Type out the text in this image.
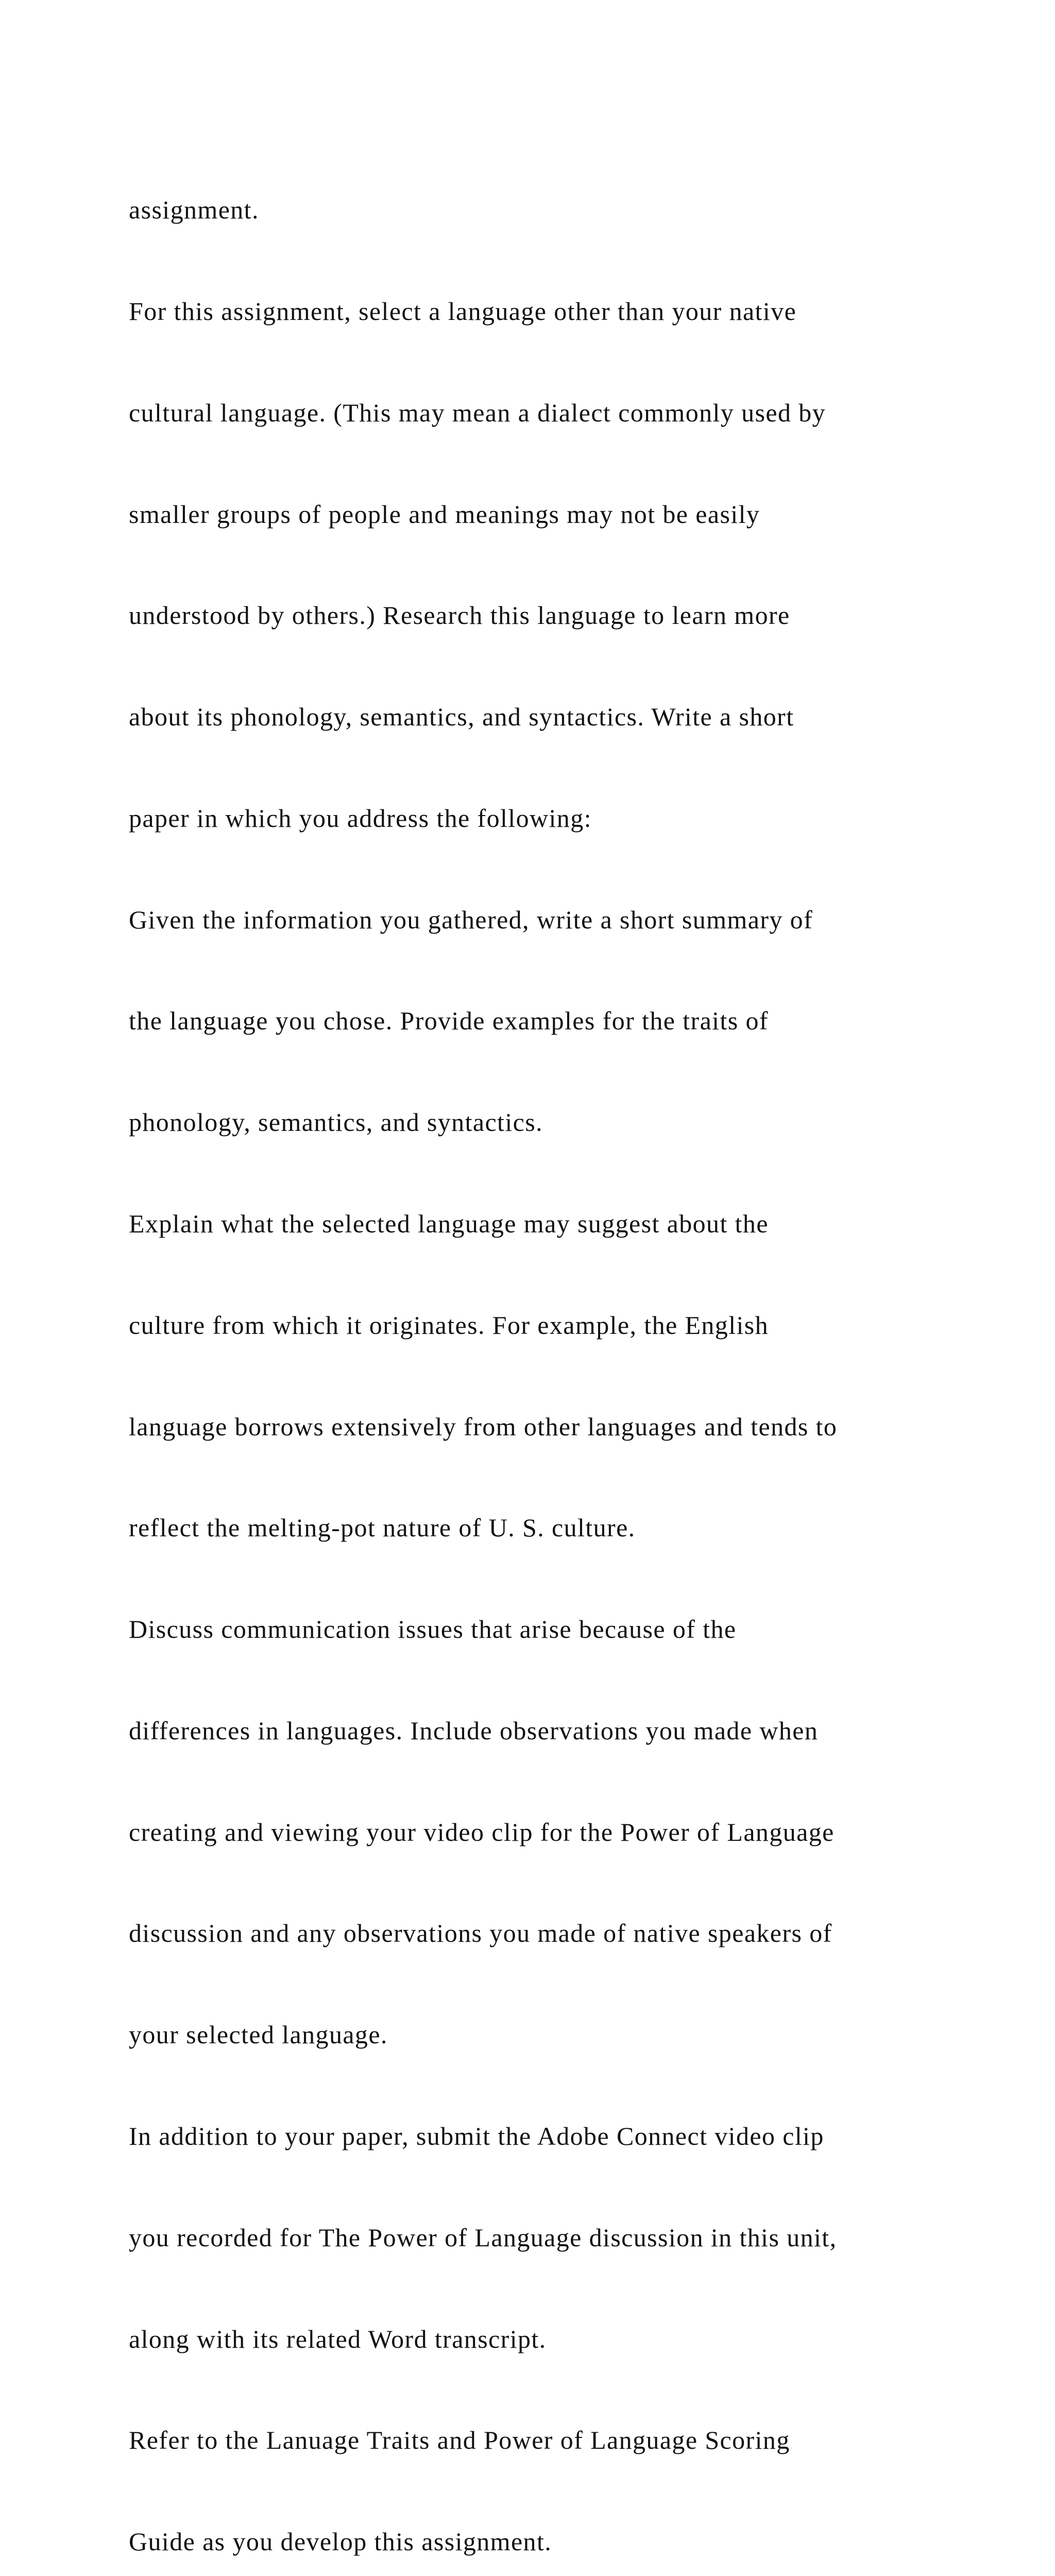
assignment.

For this assignment, select a language other than your native

cultural language. (This may mean a dialect commonly used by

smaller groups of people and meanings may not be easily

understood by others.) Research this language to learn more

about its phonology, semantics, and syntactics. Write a short

paper in which you address the following:

Given the information you gathered, write a short summary of

the language you chose. Provide examples for the traits of

phonology, semantics, and syntactics.

Explain what the selected language may suggest about the

culture from which it originates. For example, the English

language borrows extensively from other languages and tends to

reflect the melting-pot nature of U. S. culture.

Discuss communication issues that arise because of the

differences in languages. Include observations you made when

creating and viewing your video clip for the Power of Language

discussion and any observations you made of native speakers of

your selected language.

In addition to your paper, submit the Adobe Connect video clip

you recorded for The Power of Language discussion in this unit,

along with its related Word transcript.

Refer to the Lanuage Traits and Power of Language Scoring

Guide as you develop this assignment.
